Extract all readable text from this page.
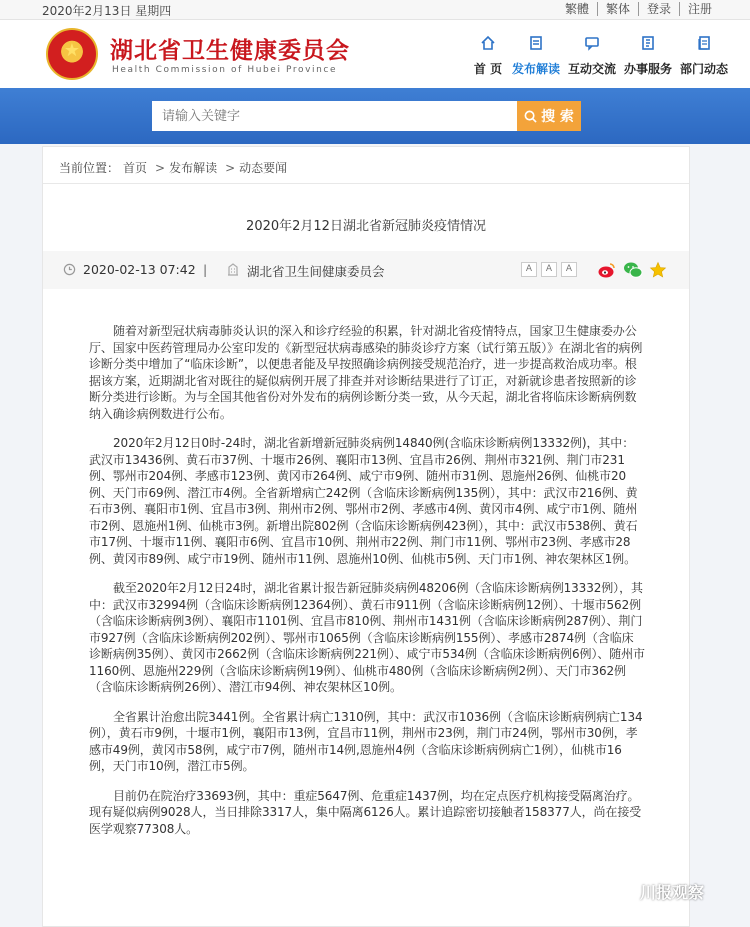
2020年2月13日 星期四	繁體	繁体	登录	注册
★	湖北省卫生健康委员会
Health Commission of Hubei Province	首 页 发布解读 互动交流 办事服务 部门动态
请输入关键字
搜 索
当前位置： 首页 > 发布解读 > 动态要闻
2020年2月12日湖北省新冠肺炎疫情情况
2020-02-13 07:42 |	湖北省卫生间健康委员会	A	A	A

随着对新型冠状病毒肺炎认识的深入和诊疗经验的积累，针对湖北省疫情特点，国家卫生健康委办公厅、国家中医药管理局办公室印发的《新型冠状病毒感染的肺炎诊疗方案（试行第五版）》在湖北省的病例诊断分类中增加了“临床诊断”，以便患者能及早按照确诊病例接受规范治疗，进一步提高救治成功率。根据该方案，近期湖北省对既往的疑似病例开展了排查并对诊断结果进行了订正，对新就诊患者按照新的诊断分类进行诊断。为与全国其他省份对外发布的病例诊断分类一致，从今天起，湖北省将临床诊断病例数纳入确诊病例数进行公布。

2020年2月12日0时-24时，湖北省新增新冠肺炎病例14840例(含临床诊断病例13332例)，其中：武汉市13436例、黄石市37例、十堰市26例、襄阳市13例、宜昌市26例、荆州市321例、荆门市231例、鄂州市204例、孝感市123例、黄冈市264例、咸宁市9例、随州市31例、恩施州26例、仙桃市20例、天门市69例、潜江市4例。全省新增病亡242例（含临床诊断病例135例），其中：武汉市216例、黄石市3例、襄阳市1例、宜昌市3例、荆州市2例、鄂州市2例、孝感市4例、黄冈市4例、咸宁市1例、随州市2例、恩施州1例、仙桃市3例。新增出院802例（含临床诊断病例423例），其中：武汉市538例、黄石市17例、十堰市11例、襄阳市6例、宜昌市10例、荆州市22例、荆门市11例、鄂州市23例、孝感市28例、黄冈市89例、咸宁市19例、随州市11例、恩施州10例、仙桃市5例、天门市1例、神农架林区1例。

截至2020年2月12日24时，湖北省累计报告新冠肺炎病例48206例（含临床诊断病例13332例），其中：武汉市32994例（含临床诊断病例12364例）、黄石市911例（含临床诊断病例12例）、十堰市562例（含临床诊断病例3例）、襄阳市1101例、宜昌市810例、荆州市1431例（含临床诊断病例287例）、荆门市927例（含临床诊断病例202例）、鄂州市1065例（含临床诊断病例155例）、孝感市2874例（含临床诊断病例35例）、黄冈市2662例（含临床诊断病例221例）、咸宁市534例（含临床诊断病例6例）、随州市1160例、恩施州229例（含临床诊断病例19例）、仙桃市480例（含临床诊断病例2例）、天门市362例（含临床诊断病例26例）、潜江市94例、神农架林区10例。

全省累计治愈出院3441例。全省累计病亡1310例，其中：武汉市1036例（含临床诊断病例病亡134例），黄石市9例，十堰市1例，襄阳市13例，宜昌市11例，荆州市23例，荆门市24例，鄂州市30例，孝感市49例，黄冈市58例，咸宁市7例，随州市14例,恩施州4例（含临床诊断病例病亡1例），仙桃市16例，天门市10例，潜江市5例。

目前仍在院治疗33693例，其中：重症5647例、危重症1437例，均在定点医疗机构接受隔离治疗。现有疑似病例9028人，当日排除3317人，集中隔离6126人。累计追踪密切接触者158377人，尚在接受医学观察77308人。

川报观察
